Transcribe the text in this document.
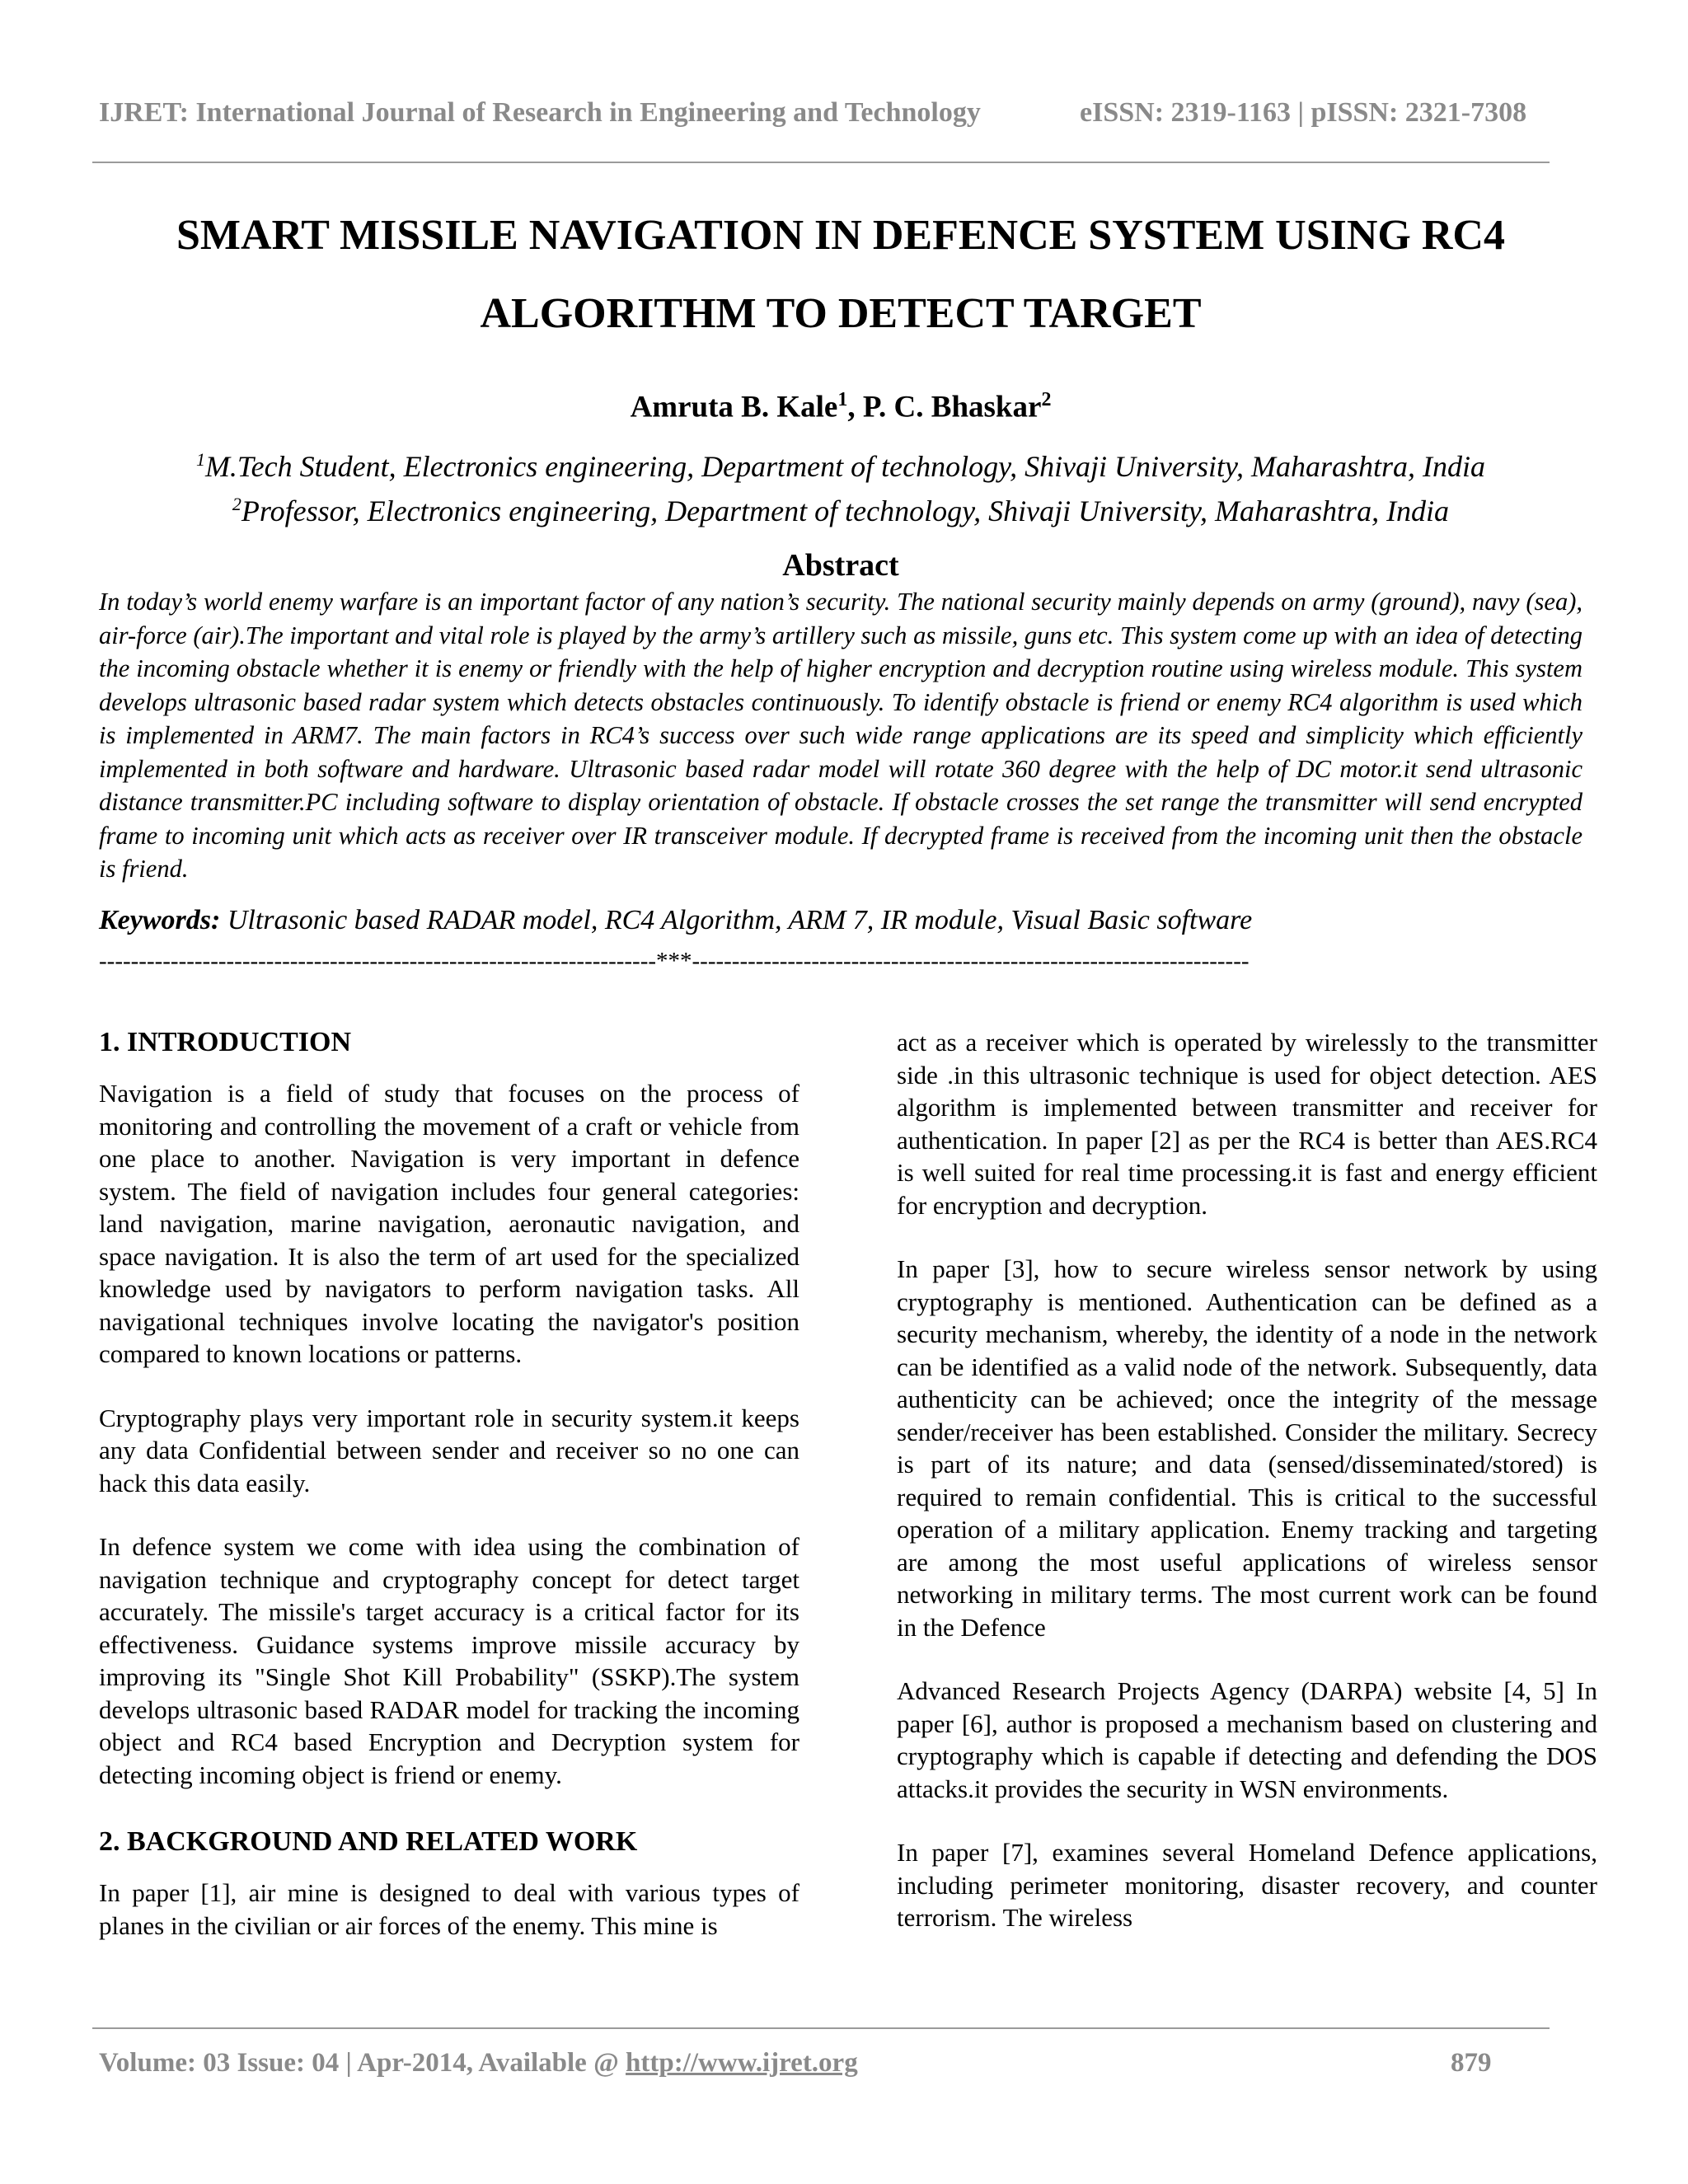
IJRET: International Journal of Research in Engineering and Technology	eISSN: 2319-1163 | pISSN: 2321-7308
SMART MISSILE NAVIGATION IN DEFENCE SYSTEM USING RC4
ALGORITHM TO DETECT TARGET
Amruta B. Kale$^1$, P. C. Bhaskar$^2$
$^1$M.Tech Student, Electronics engineering, Department of technology, Shivaji University, Maharashtra, India
$^2$Professor, Electronics engineering, Department of technology, Shivaji University, Maharashtra, India
Abstract
In today’s world enemy warfare is an important factor of any nation’s security. The national security mainly depends on army (ground), navy (sea), air-force (air).The important and vital role is played by the army’s artillery such as missile, guns etc. This system come up with an idea of detecting the incoming obstacle whether it is enemy or friendly with the help of higher encryption and decryption routine using wireless module. This system develops ultrasonic based radar system which detects obstacles continuously. To identify obstacle is friend or enemy RC4 algorithm is used which is implemented in ARM7. The main factors in RC4’s success over such wide range applications are its speed and simplicity which efficiently implemented in both software and hardware. Ultrasonic based radar model will rotate 360 degree with the help of DC motor.it send ultrasonic distance transmitter.PC including software to display orientation of obstacle. If obstacle crosses the set range the transmitter will send encrypted frame to incoming unit which acts as receiver over IR transceiver module. If decrypted frame is received from the incoming unit then the obstacle is friend.
Keywords: Ultrasonic based RADAR model, RC4 Algorithm, ARM 7, IR module, Visual Basic software
----------------------------------------------------------------------***----------------------------------------------------------------------
1. INTRODUCTION

Navigation is a field of study that focuses on the process of monitoring and controlling the movement of a craft or vehicle from one place to another. Navigation is very important in defence system. The field of navigation includes four general categories: land navigation, marine navigation, aeronautic navigation, and space navigation. It is also the term of art used for the specialized knowledge used by navigators to perform navigation tasks. All navigational techniques involve locating the navigator's position compared to known locations or patterns.

Cryptography plays very important role in security system.it keeps any data Confidential between sender and receiver so no one can hack this data easily.

In defence system we come with idea using the combination of navigation technique and cryptography concept for detect target accurately. The missile's target accuracy is a critical factor for its effectiveness. Guidance systems improve missile accuracy by improving its "Single Shot Kill Probability" (SSKP).The system develops ultrasonic based RADAR model for tracking the incoming object and RC4 based Encryption and Decryption system for detecting incoming object is friend or enemy.

2. BACKGROUND AND RELATED WORK

In paper [1], air mine is designed to deal with various types of planes in the civilian or air forces of the enemy. This mine is

act as a receiver which is operated by wirelessly to the transmitter side .in this ultrasonic technique is used for object detection. AES algorithm is implemented between transmitter and receiver for authentication. In paper [2] as per the RC4 is better than AES.RC4 is well suited for real time processing.it is fast and energy efficient for encryption and decryption.

In paper [3], how to secure wireless sensor network by using cryptography is mentioned. Authentication can be defined as a security mechanism, whereby, the identity of a node in the network can be identified as a valid node of the network. Subsequently, data authenticity can be achieved; once the integrity of the message sender/receiver has been established. Consider the military. Secrecy is part of its nature; and data (sensed/disseminated/stored) is required to remain confidential. This is critical to the successful operation of a military application. Enemy tracking and targeting are among the most useful applications of wireless sensor networking in military terms. The most current work can be found in the Defence

Advanced Research Projects Agency (DARPA) website [4, 5] In paper [6], author is proposed a mechanism based on clustering and cryptography which is capable if detecting and defending the DOS attacks.it provides the security in WSN environments.

In paper [7], examines several Homeland Defence applications, including perimeter monitoring, disaster recovery, and counter terrorism. The wireless

Volume: 03 Issue: 04 | Apr-2014, Available @ http://www.ijret.org	879
